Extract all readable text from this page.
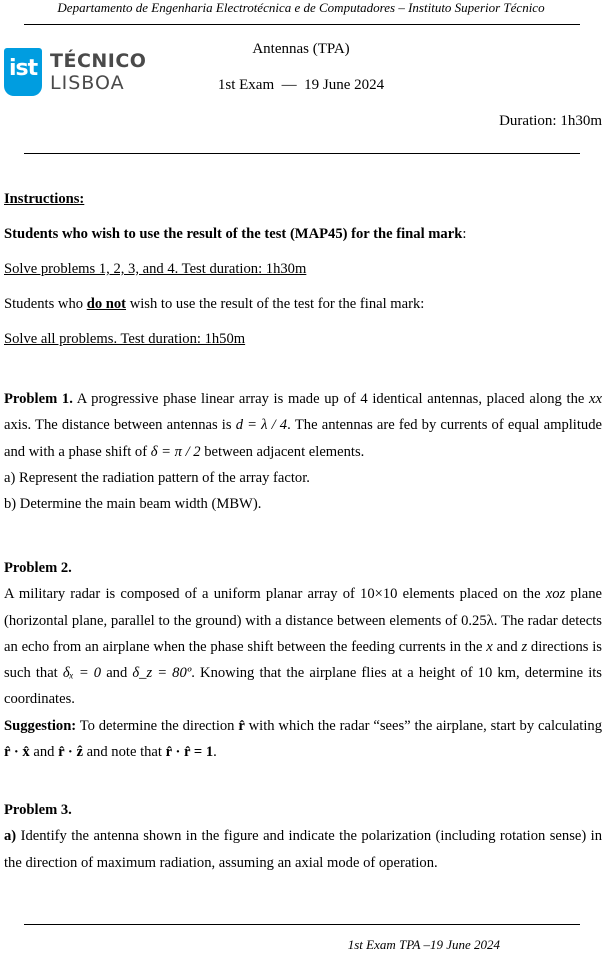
Departamento de Engenharia Electrotécnica e de Computadores – Instituto Superior Técnico
ist TÉCNICO
LISBOA
Antennas (TPA)
1st Exam  —  19 June 2024
Duration: 1h30m
Instructions:
Students who wish to use the result of the test (MAP45) for the final mark:
Solve problems 1, 2, 3, and 4. Test duration: 1h30m
Students who do not wish to use the result of the test for the final mark:
Solve all problems. Test duration: 1h50m
Problem 1. A progressive phase linear array is made up of 4 identical antennas, placed along the xx axis. The distance between antennas is d = λ / 4. The antennas are fed by currents of equal amplitude and with a phase shift of δ = π / 2 between adjacent elements.
a) Represent the radiation pattern of the array factor.
b) Determine the main beam width (MBW).
Problem 2.
A military radar is composed of a uniform planar array of 10×10 elements placed on the xoz plane (horizontal plane, parallel to the ground) with a distance between elements of 0.25λ. The radar detects an echo from an airplane when the phase shift between the feeding currents in the x and z directions is such that δₓ = 0 and δ_z = 80º. Knowing that the airplane flies at a height of 10 km, determine its coordinates.
Suggestion: To determine the direction r̂ with which the radar “sees” the airplane, start by calculating r̂ · x̂ and r̂ · ẑ and note that r̂ · r̂ = 1.
Problem 3.
a) Identify the antenna shown in the figure and indicate the polarization (including rotation sense) in the direction of maximum radiation, assuming an axial mode of operation.
1st Exam TPA –19 June 2024
